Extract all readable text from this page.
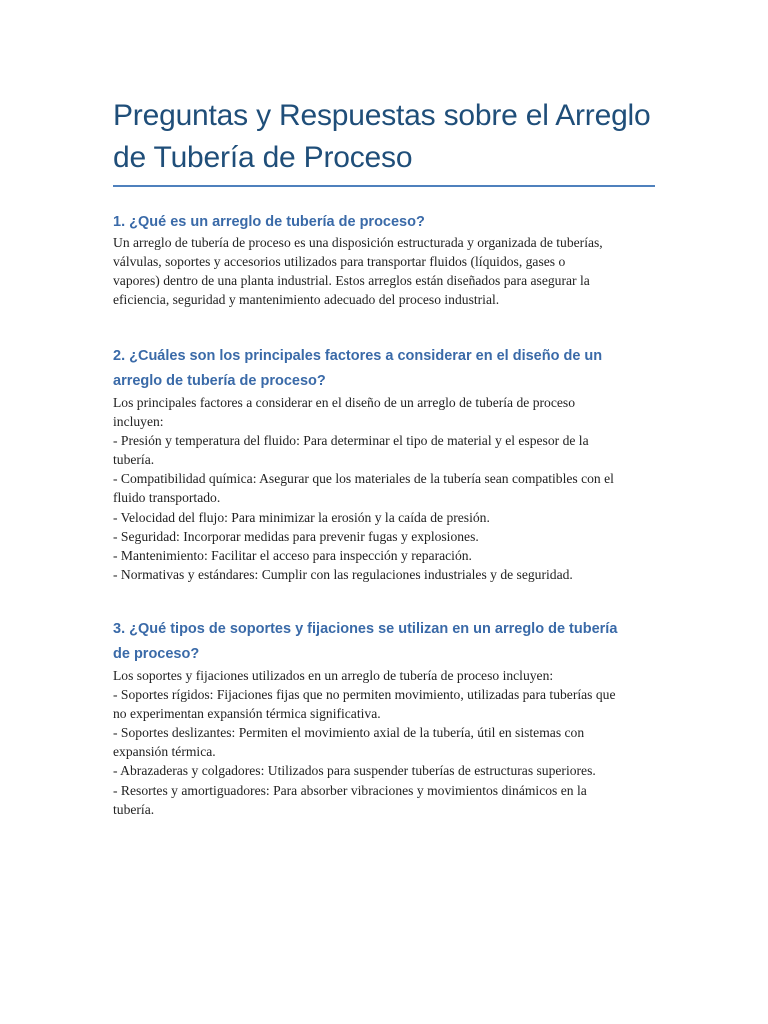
Preguntas y Respuestas sobre el Arreglo
de Tubería de Proceso
1. ¿Qué es un arreglo de tubería de proceso?

Un arreglo de tubería de proceso es una disposición estructurada y organizada de tuberías,
válvulas, soportes y accesorios utilizados para transportar fluidos (líquidos, gases o
vapores) dentro de una planta industrial. Estos arreglos están diseñados para asegurar la
eficiencia, seguridad y mantenimiento adecuado del proceso industrial.

2. ¿Cuáles son los principales factores a considerar en el diseño de un
arreglo de tubería de proceso?

Los principales factores a considerar en el diseño de un arreglo de tubería de proceso
incluyen:
- Presión y temperatura del fluido: Para determinar el tipo de material y el espesor de la
tubería.
- Compatibilidad química: Asegurar que los materiales de la tubería sean compatibles con el
fluido transportado.
- Velocidad del flujo: Para minimizar la erosión y la caída de presión.
- Seguridad: Incorporar medidas para prevenir fugas y explosiones.
- Mantenimiento: Facilitar el acceso para inspección y reparación.
- Normativas y estándares: Cumplir con las regulaciones industriales y de seguridad.

3. ¿Qué tipos de soportes y fijaciones se utilizan en un arreglo de tubería
de proceso?

Los soportes y fijaciones utilizados en un arreglo de tubería de proceso incluyen:
- Soportes rígidos: Fijaciones fijas que no permiten movimiento, utilizadas para tuberías que
no experimentan expansión térmica significativa.
- Soportes deslizantes: Permiten el movimiento axial de la tubería, útil en sistemas con
expansión térmica.
- Abrazaderas y colgadores: Utilizados para suspender tuberías de estructuras superiores.
- Resortes y amortiguadores: Para absorber vibraciones y movimientos dinámicos en la
tubería.
